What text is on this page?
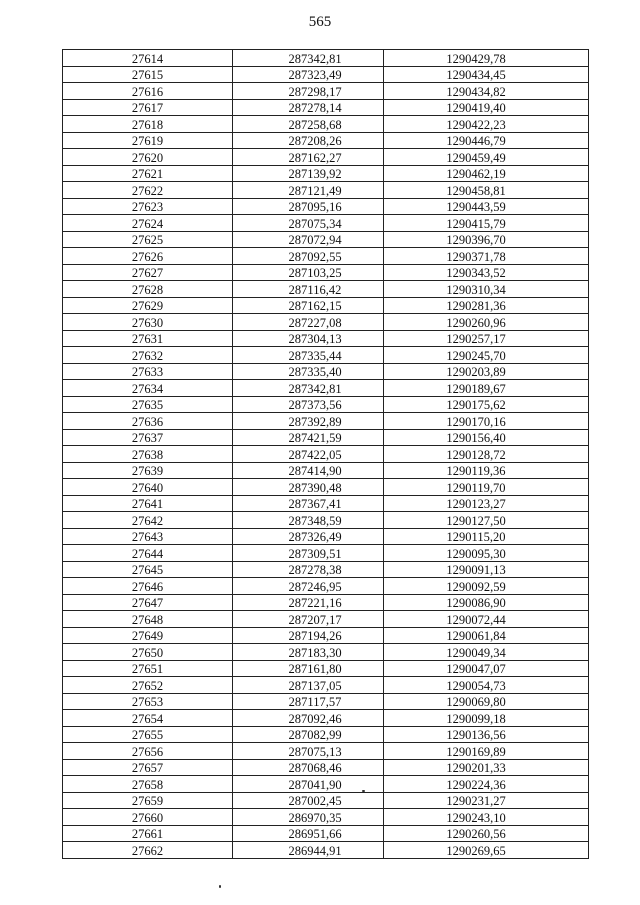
565
27614	287342,81	1290429,78
27615	287323,49	1290434,45
27616	287298,17	1290434,82
27617	287278,14	1290419,40
27618	287258,68	1290422,23
27619	287208,26	1290446,79
27620	287162,27	1290459,49
27621	287139,92	1290462,19
27622	287121,49	1290458,81
27623	287095,16	1290443,59
27624	287075,34	1290415,79
27625	287072,94	1290396,70
27626	287092,55	1290371,78
27627	287103,25	1290343,52
27628	287116,42	1290310,34
27629	287162,15	1290281,36
27630	287227,08	1290260,96
27631	287304,13	1290257,17
27632	287335,44	1290245,70
27633	287335,40	1290203,89
27634	287342,81	1290189,67
27635	287373,56	1290175,62
27636	287392,89	1290170,16
27637	287421,59	1290156,40
27638	287422,05	1290128,72
27639	287414,90	1290119,36
27640	287390,48	1290119,70
27641	287367,41	1290123,27
27642	287348,59	1290127,50
27643	287326,49	1290115,20
27644	287309,51	1290095,30
27645	287278,38	1290091,13
27646	287246,95	1290092,59
27647	287221,16	1290086,90
27648	287207,17	1290072,44
27649	287194,26	1290061,84
27650	287183,30	1290049,34
27651	287161,80	1290047,07
27652	287137,05	1290054,73
27653	287117,57	1290069,80
27654	287092,46	1290099,18
27655	287082,99	1290136,56
27656	287075,13	1290169,89
27657	287068,46	1290201,33
27658	287041,90	1290224,36
27659	287002,45	1290231,27
27660	286970,35	1290243,10
27661	286951,66	1290260,56
27662	286944,91	1290269,65
